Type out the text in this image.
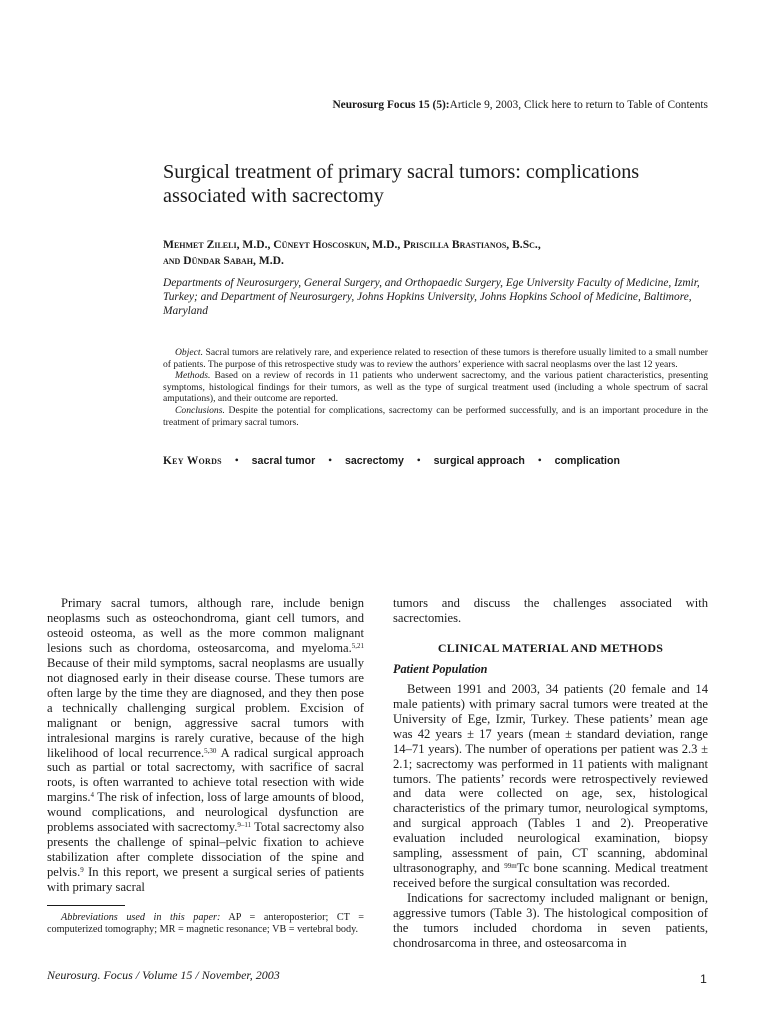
Neurosurg Focus 15 (5):Article 9, 2003, Click here to return to Table of Contents
Surgical treatment of primary sacral tumors: complications associated with sacrectomy
Mehmet Zileli, M.D., Cüneyt Hoscoskun, M.D., Priscilla Brastianos, B.Sc.,
and Dündar Sabah, M.D.
Departments of Neurosurgery, General Surgery, and Orthopaedic Surgery, Ege University Faculty of Medicine, Izmir, Turkey; and Department of Neurosurgery, Johns Hopkins University, Johns Hopkins School of Medicine, Baltimore, Maryland

Object. Sacral tumors are relatively rare, and experience related to resection of these tumors is therefore usually limited to a small number of patients. The purpose of this retrospective study was to review the authors’ experience with sacral neoplasms over the last 12 years.

Methods. Based on a review of records in 11 patients who underwent sacrectomy, and the various patient characteristics, presenting symptoms, histological findings for their tumors, as well as the type of surgical treatment used (including a whole spectrum of sacral amputations), and their outcome are reported.

Conclusions. Despite the potential for complications, sacrectomy can be performed successfully, and is an important procedure in the treatment of primary sacral tumors.

Key Words • sacral tumor • sacrectomy • surgical approach • complication

Primary sacral tumors, although rare, include benign neoplasms such as osteochondroma, giant cell tumors, and osteoid osteoma, as well as the more common malignant lesions such as chordoma, osteosarcoma, and myeloma.$^{5,21}$ Because of their mild symptoms, sacral neoplasms are usually not diagnosed early in their disease course. These tumors are often large by the time they are diagnosed, and they then pose a technically challenging surgical problem. Excision of malignant or benign, aggressive sacral tumors with intralesional margins is rarely curative, because of the high likelihood of local recurrence.$^{5,30}$ A radical surgical approach such as partial or total sacrectomy, with sacrifice of sacral roots, is often warranted to achieve total resection with wide margins.$^4$ The risk of infection, loss of large amounts of blood, wound complications, and neurological dysfunction are problems associated with sacrectomy.$^{9-11}$ Total sacrectomy also presents the challenge of spinal–pelvic fixation to achieve stabilization after complete dissociation of the spine and pelvis.$^9$ In this report, we present a surgical series of patients with primary sacral

Abbreviations used in this paper: AP = anteroposterior; CT = computerized tomography; MR = magnetic resonance; VB = vertebral body.

tumors and discuss the challenges associated with sacrectomies.

CLINICAL MATERIAL AND METHODS
Patient Population

Between 1991 and 2003, 34 patients (20 female and 14 male patients) with primary sacral tumors were treated at the University of Ege, Izmir, Turkey. These patients’ mean age was 42 years ± 17 years (mean ± standard deviation, range 14–71 years). The number of operations per patient was 2.3 ± 2.1; sacrectomy was performed in 11 patients with malignant tumors. The patients’ records were retrospectively reviewed and data were collected on age, sex, histological characteristics of the primary tumor, neurological symptoms, and surgical approach (Tables 1 and 2). Preoperative evaluation included neurological examination, biopsy sampling, assessment of pain, CT scanning, abdominal ultrasonography, and $^{99m}$Tc bone scanning. Medical treatment received before the surgical consultation was recorded.

Indications for sacrectomy included malignant or benign, aggressive tumors (Table 3). The histological composition of the tumors included chordoma in seven patients, chondrosarcoma in three, and osteosarcoma in

Neurosurg. Focus / Volume 15 / November, 2003	1
